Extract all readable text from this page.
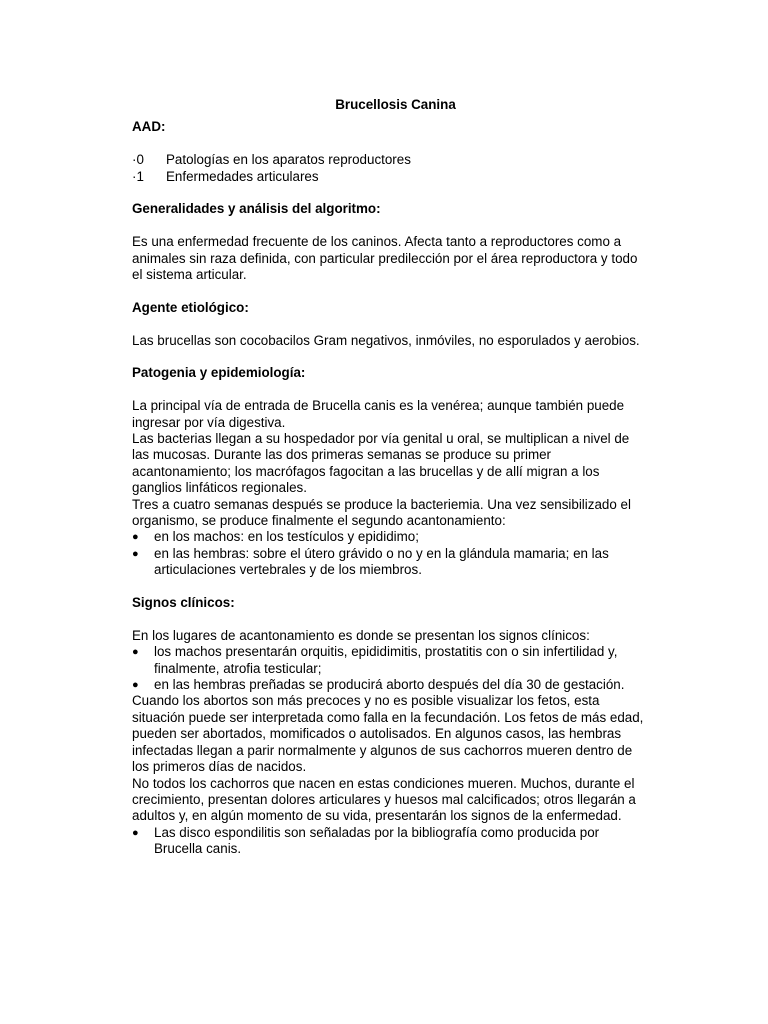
Brucellosis Canina
AAD:
·0	Patologías en los aparatos reproductores
·1	Enfermedades articulares
Generalidades y análisis del algoritmo:

Es una enfermedad frecuente de los caninos. Afecta tanto a reproductores como a animales sin raza definida, con particular predilección por el área reproductora y todo el sistema articular.

Agente etiológico:

Las brucellas son cocobacilos Gram negativos, inmóviles, no esporulados y aerobios.

Patogenia y epidemiología:

La principal vía de entrada de Brucella canis es la venérea; aunque también puede ingresar por vía digestiva.

Las bacterias llegan a su hospedador por vía genital u oral, se multiplican a nivel de las mucosas. Durante las dos primeras semanas se produce su primer acantonamiento; los macrófagos fagocitan a las brucellas y de allí migran a los ganglios linfáticos regionales.

Tres a cuatro semanas después se produce la bacteriemia. Una vez sensibilizado el organismo, se produce finalmente el segundo acantonamiento:

●	en los machos: en los testículos y epididimo;
●	en las hembras: sobre el útero grávido o no y en la glándula mamaria; en las articulaciones vertebrales y de los miembros.
Signos clínicos:

En los lugares de acantonamiento es donde se presentan los signos clínicos:

●	los machos presentarán orquitis, epididimitis, prostatitis con o sin infertilidad y, finalmente, atrofia testicular;
●	en las hembras preñadas se producirá aborto después del día 30 de gestación.

Cuando los abortos son más precoces y no es posible visualizar los fetos, esta situación puede ser interpretada como falla en la fecundación. Los fetos de más edad, pueden ser abortados, momificados o autolisados. En algunos casos, las hembras infectadas llegan a parir normalmente y algunos de sus cachorros mueren dentro de los primeros días de nacidos.

No todos los cachorros que nacen en estas condiciones mueren. Muchos, durante el crecimiento, presentan dolores articulares y huesos mal calcificados; otros llegarán a adultos y, en algún momento de su vida, presentarán los signos de la enfermedad.

●	Las disco espondilitis son señaladas por la bibliografía como producida por Brucella canis.
